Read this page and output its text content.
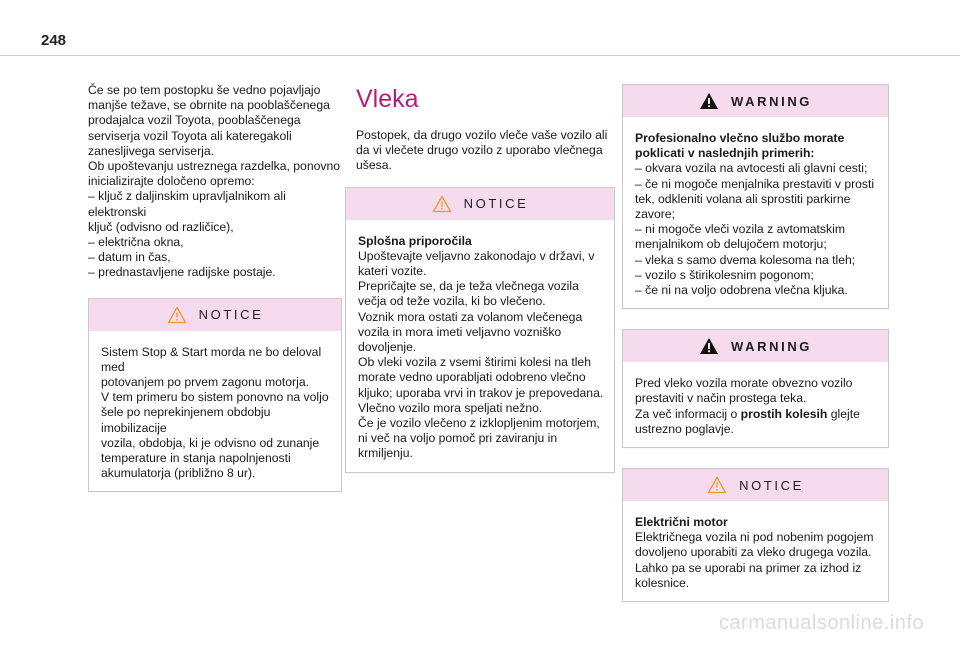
248
Če se po tem postopku še vedno pojavljajo
manjše težave, se obrnite na pooblaščenega
prodajalca vozil Toyota, pooblaščenega
serviserja vozil Toyota ali kateregakoli
zanesljivega serviserja.
Ob upoštevanju ustreznega razdelka, ponovno
inicializirajte določeno opremo:
– ključ z daljinskim upravljalnikom ali elektronski
ključ (odvisno od različice),
– električna okna,
– datum in čas,
– prednastavljene radijske postaje.
NOTICE
Sistem Stop & Start morda ne bo deloval med
potovanjem po prvem zagonu motorja.
V tem primeru bo sistem ponovno na voljo
šele po neprekinjenem obdobju imobilizacije
vozila, obdobja, ki je odvisno od zunanje
temperature in stanja napolnjenosti
akumulatorja (približno 8 ur).
Vleka
Postopek, da drugo vozilo vleče vaše vozilo ali
da vi vlečete drugo vozilo z uporabo vlečnega
ušesa.
NOTICE
Splošna priporočila
Upoštevajte veljavno zakonodajo v državi, v
kateri vozite.
Prepričajte se, da je teža vlečnega vozila
večja od teže vozila, ki bo vlečeno.
Voznik mora ostati za volanom vlečenega
vozila in mora imeti veljavno vozniško
dovoljenje.
Ob vleki vozila z vsemi štirimi kolesi na tleh
morate vedno uporabljati odobreno vlečno
kljuko; uporaba vrvi in trakov je prepovedana.
Vlečno vozilo mora speljati nežno.
Če je vozilo vlečeno z izklopljenim motorjem,
ni več na voljo pomoč pri zaviranju in
krmiljenju.
WARNING
Profesionalno vlečno službo morate
poklicati v naslednjih primerih:
– okvara vozila na avtocesti ali glavni cesti;
– če ni mogoče menjalnika prestaviti v prosti
tek, odkleniti volana ali sprostiti parkirne
zavore;
– ni mogoče vleči vozila z avtomatskim
menjalnikom ob delujočem motorju;
– vleka s samo dvema kolesoma na tleh;
– vozilo s štirikolesnim pogonom;
– če ni na voljo odobrena vlečna kljuka.
WARNING
Pred vleko vozila morate obvezno vozilo
prestaviti v način prostega teka.
Za več informacij o prostih kolesih glejte
ustrezno poglavje.
NOTICE
Električni motor
Električnega vozila ni pod nobenim pogojem
dovoljeno uporabiti za vleko drugega vozila.
Lahko pa se uporabi na primer za izhod iz
kolesnice.
carmanualsonline.info
